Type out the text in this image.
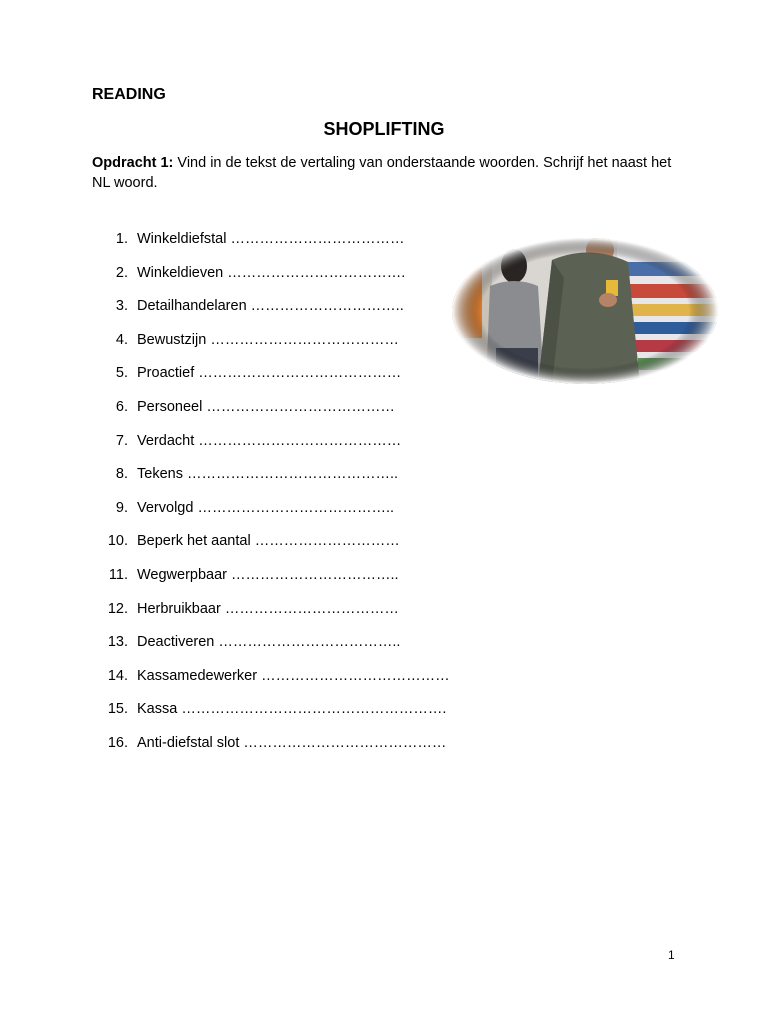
READING
SHOPLIFTING
Opdracht 1: Vind in de tekst de vertaling van onderstaande woorden. Schrijf het naast het NL woord.
1. Winkeldiefstal ………………………………
2. Winkeldieven ……………………………….
3. Detailhandelaren …………………………..
4. Bewustzijn …………………………………
5. Proactief ……………………………………
6. Personeel …………………………………
7. Verdacht ……………………………………
8. Tekens ……………………………………..
9. Vervolgd …………………………………..
10. Beperk het aantal …………………………
11. Wegwerpbaar ……………………………..
12. Herbruikbaar ………………………………
13. Deactiveren ………………………………..
14. Kassamedewerker …………………………………
15. Kassa ……………………………………………….
16. Anti-diefstal slot ……………………………………
1
